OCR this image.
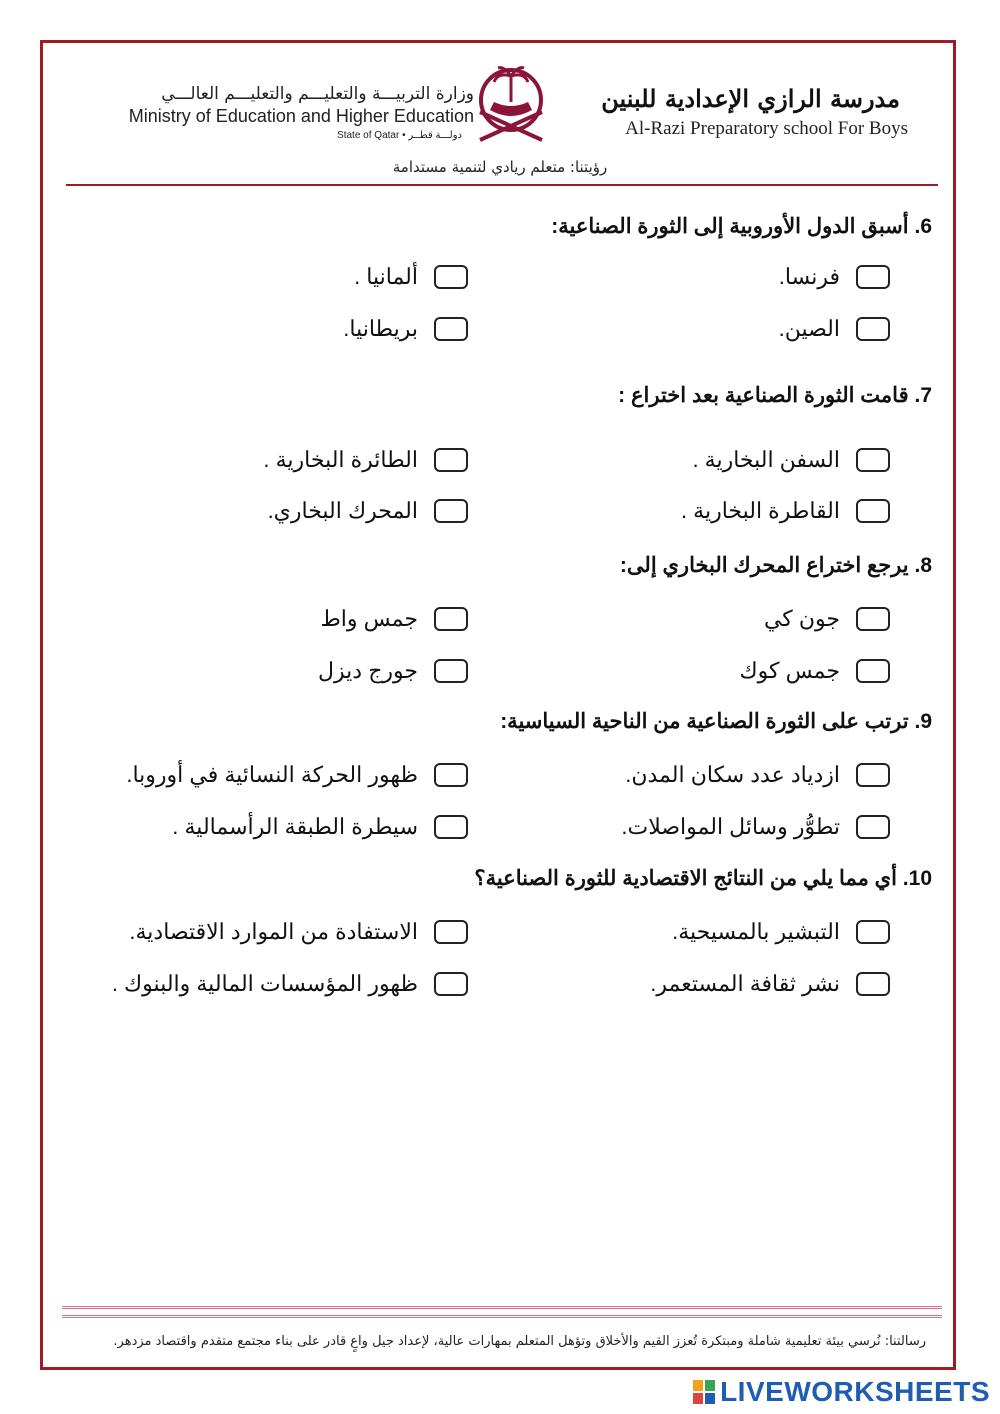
مدرسة الرازي الإعدادية للبنين
Al-Razi Preparatory school For Boys
وزارة التربيـــة والتعليـــم والتعليـــم العالـــي
Ministry of Education and Higher Education
State of Qatar • دولـــة قطــر
رؤيتنا: متعلم ريادي لتنمية مستدامة
6. أسبق الدول الأوروبية إلى الثورة الصناعية:
فرنسا.
ألمانيا .
الصين.
بريطانيا.
7. قامت الثورة الصناعية بعد اختراع :
السفن البخارية .
الطائرة البخارية .
القاطرة البخارية .
المحرك البخاري.
8. يرجع اختراع المحرك البخاري إلى:
جون كي
جمس واط
جمس كوك
جورج ديزل
9. ترتب على الثورة الصناعية من الناحية السياسية:
ازدياد عدد سكان المدن.
ظهور الحركة النسائية في أوروبا.
تطوُّر وسائل المواصلات.
سيطرة الطبقة الرأسمالية .
10. أي مما يلي من النتائج الاقتصادية للثورة الصناعية؟
التبشير بالمسيحية.
الاستفادة من الموارد الاقتصادية.
نشر ثقافة المستعمر.
ظهور المؤسسات المالية والبنوك .
رسالتنا: نُرسي بيئة تعليمية شاملة ومبتكرة تُعزز القيم والأخلاق وتؤهل المتعلم بمهارات عالية، لإعداد جيل واعٍ قادر على بناء مجتمع متقدم واقتصاد مزدهر.
LIVEWORKSHEETS
